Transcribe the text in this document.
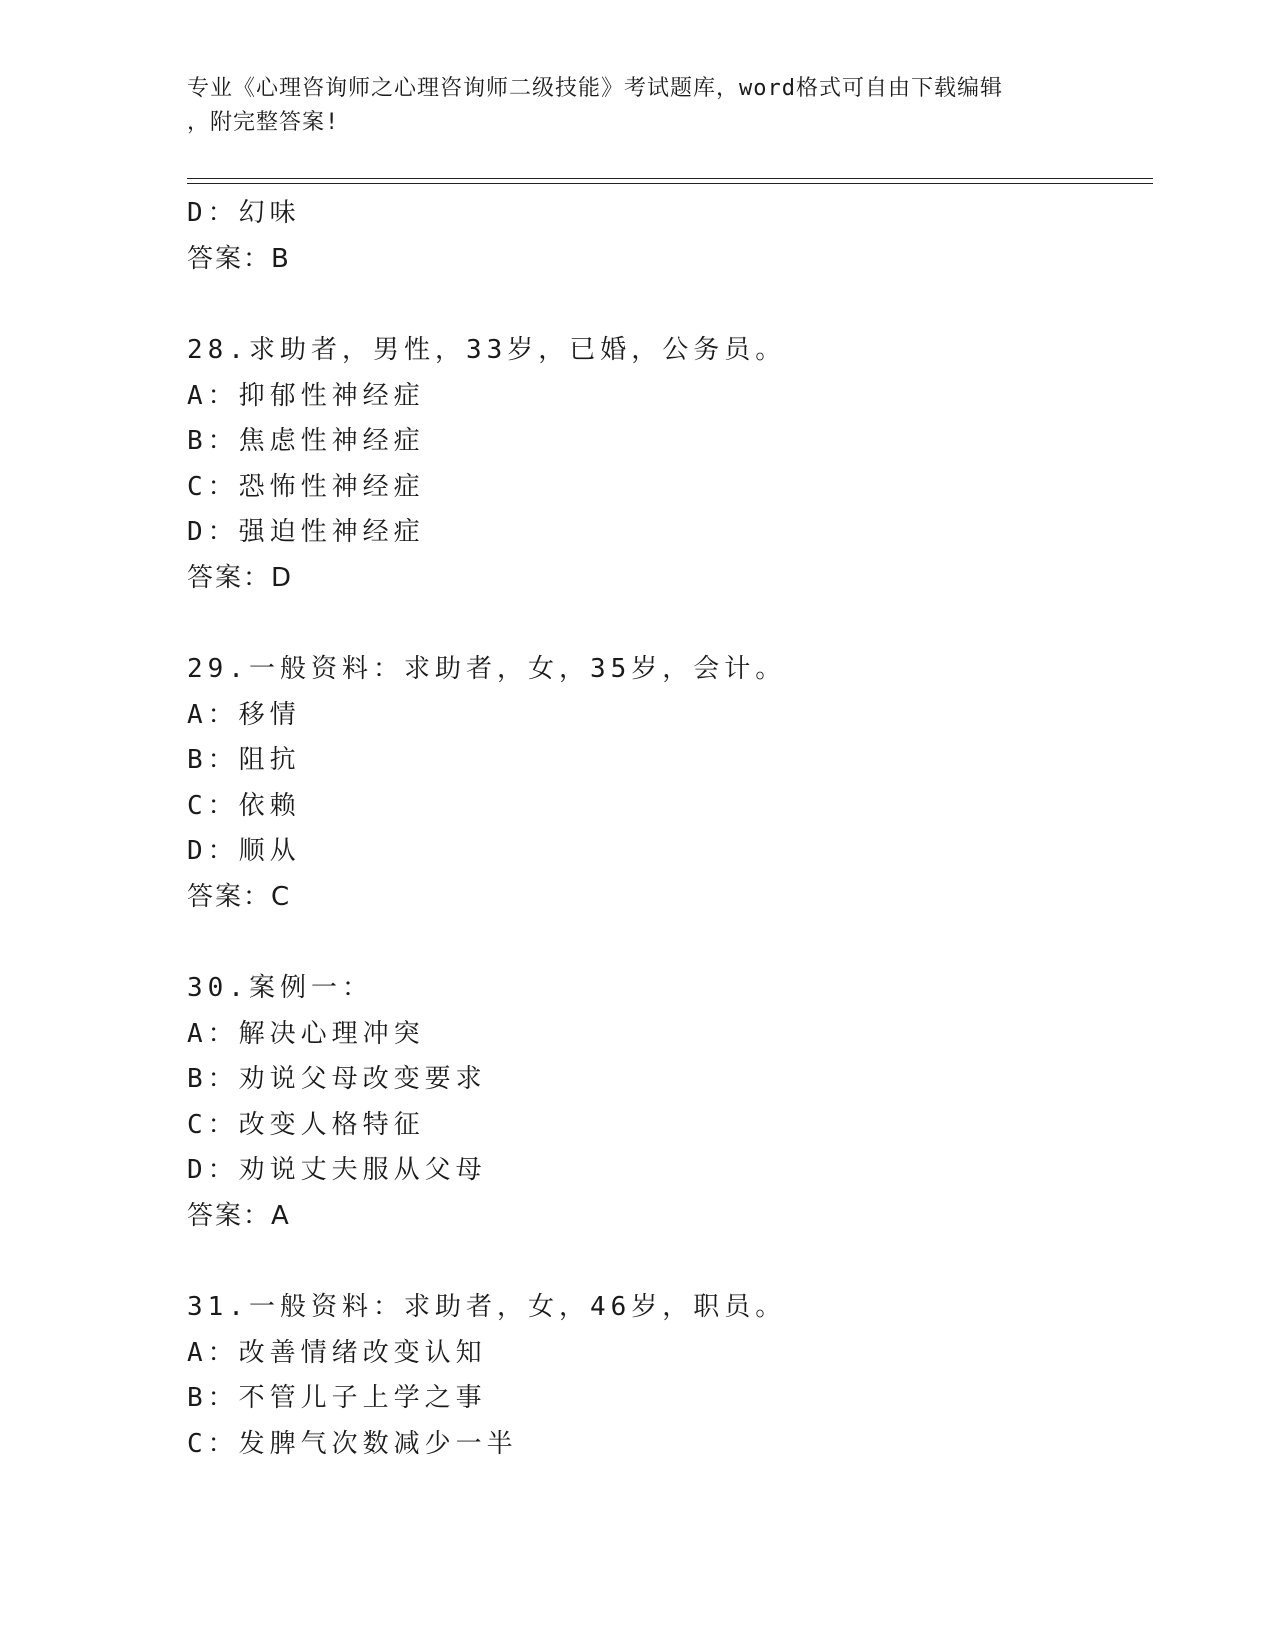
专业《心理咨询师之心理咨询师二级技能》考试题库，word格式可自由下载编辑
，附完整答案!
D：幻味
答案：B
28.求助者，男性，33岁，已婚，公务员。
A：抑郁性神经症
B：焦虑性神经症
C：恐怖性神经症
D：强迫性神经症
答案：D
29.一般资料：求助者，女，35岁，会计。
A：移情
B：阻抗
C：依赖
D：顺从
答案：C
30.案例一：
A：解决心理冲突
B：劝说父母改变要求
C：改变人格特征
D：劝说丈夫服从父母
答案：A
31.一般资料：求助者，女，46岁，职员。
A：改善情绪改变认知
B：不管儿子上学之事
C：发脾气次数减少一半
